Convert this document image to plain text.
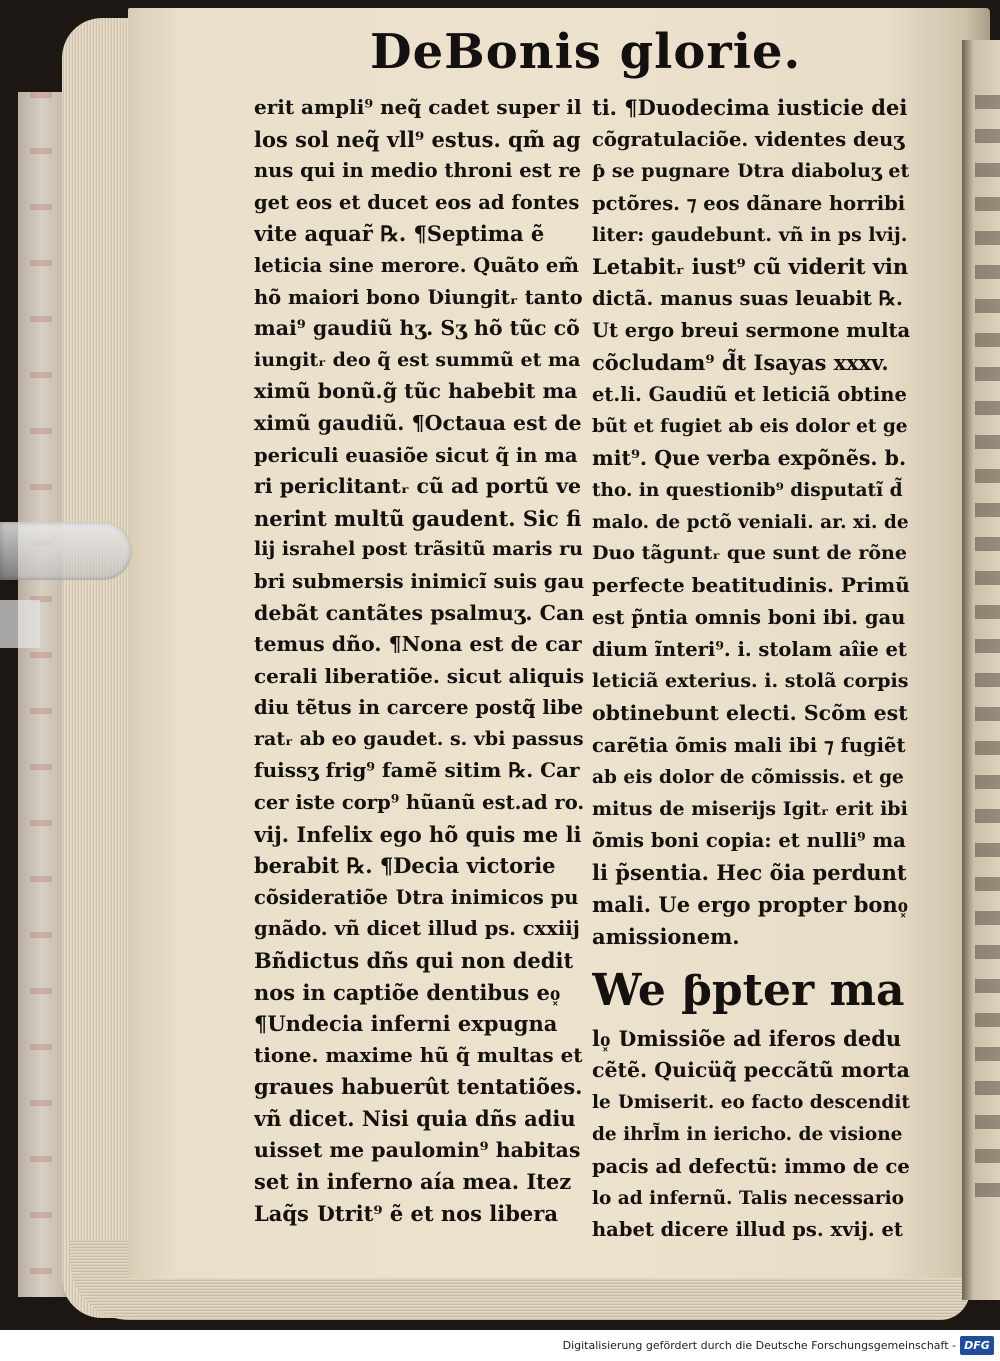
DeBonis glorie.
erit ampli⁹ neq̃ cadet super il
los sol neq̃ vll⁹ estus. qm̃ ag
nus qui in medio throni est re
get eos et ducet eos ad fontes
vite aquar̃ ℞. ¶Septima ẽ
leticia sine merore. Quãto em̃
hõ maiori bono Ʋiungitᵣ tanto
mai⁹ gaudiũ hʒ. Sʒ hõ tũc cõ
iungitᵣ deo q̃ est summũ et ma
ximũ bonũ.g̃ tũc habebit ma
ximũ gaudiũ. ¶Octaua est de
periculi euasiõe sicut q̃ in ma
ri periclitantᵣ cũ ad portũ ve
nerint multũ gaudent. Sic fi
lij israhel post trãsitũ maris ru
bri submersis inimicĩ suis gau
debãt cantãtes psalmuʒ. Can
temus dño. ¶Nona est de car
cerali liberatiõe. sicut aliquis
diu tẽtus in carcere postq̃ libe
ratᵣ ab eo gaudet. s. vbi passus
fuissʒ frig⁹ famẽ sitim ℞. Car
cer iste corp⁹ hũanũ est.ad ro.
vij. Infelix ego hõ quis me li
berabit ℞. ¶Decia victorie
cõsideratiõe Ʋtra inimicos pu
gnãdo. vñ dicet illud ps. cxxiij
Bñdictus dñs qui non dedit
nos in captiõe dentibus eo͓
¶Undecia inferni expugna
tione. maxime hũ q̃ multas et
graues habuerût tentatiões.
vñ dicet. Nisi quia dñs adiu
uisset me paulomin⁹ habitas
set in inferno aía mea. Itez
Laq̃s Ʋtrit⁹ ẽ et nos libera
ti. ¶Duodecima iusticie dei
cõgratulaciõe. videntes deuʒ
ƥ se pugnare Ʋtra diaboluʒ et
pctõres. ⁊ eos dãnare horribi
liter: gaudebunt. vñ in ps lvij.
Letabitᵣ iust⁹ cũ viderit vin
dictã. manus suas leuabit ℞.
Ut ergo breui sermone multa
cõcludam⁹ d̃t Isayas xxxv.
et.li. Gaudiũ et leticiã obtine
bũt et fugiet ab eis dolor et ge
mit⁹. Que verba expõnẽs. b.
tho. in questionib⁹ disputatĩ d̃
malo. de pctõ veniali. ar. xi. de
Duo tãguntᵣ que sunt de rõne
perfecte beatitudinis. Primũ
est p̃ntia omnis boni ibi. gau
dium ĩnteri⁹. i. stolam aîie et
leticiã exterius. i. stolã corpis
obtinebunt electi. Scõm est
carẽtia õmis mali ibi ⁊ fugiẽt
ab eis dolor de cõmissis. et ge
mitus de miserijs Igitᵣ erit ibi
õmis boni copia: et nulli⁹ ma
li p̃sentia. Hec õia perdunt
mali. Ue ergo propter bono͓
amissionem.
We ƥpter ma
lo͓ Ʋmissiõe ad iferos dedu
cẽtẽ. Quicüq̃ peccãtũ morta
le Ʋmiserit. eo facto descendit
de ihrl̃m in iericho. de visione
pacis ad defectũ: immo de ce
lo ad infernũ. Talis necessario
habet dicere illud ps. xvij. et
Digitalisierung gefördert durch die Deutsche Forschungsgemeinschaft - DFG
